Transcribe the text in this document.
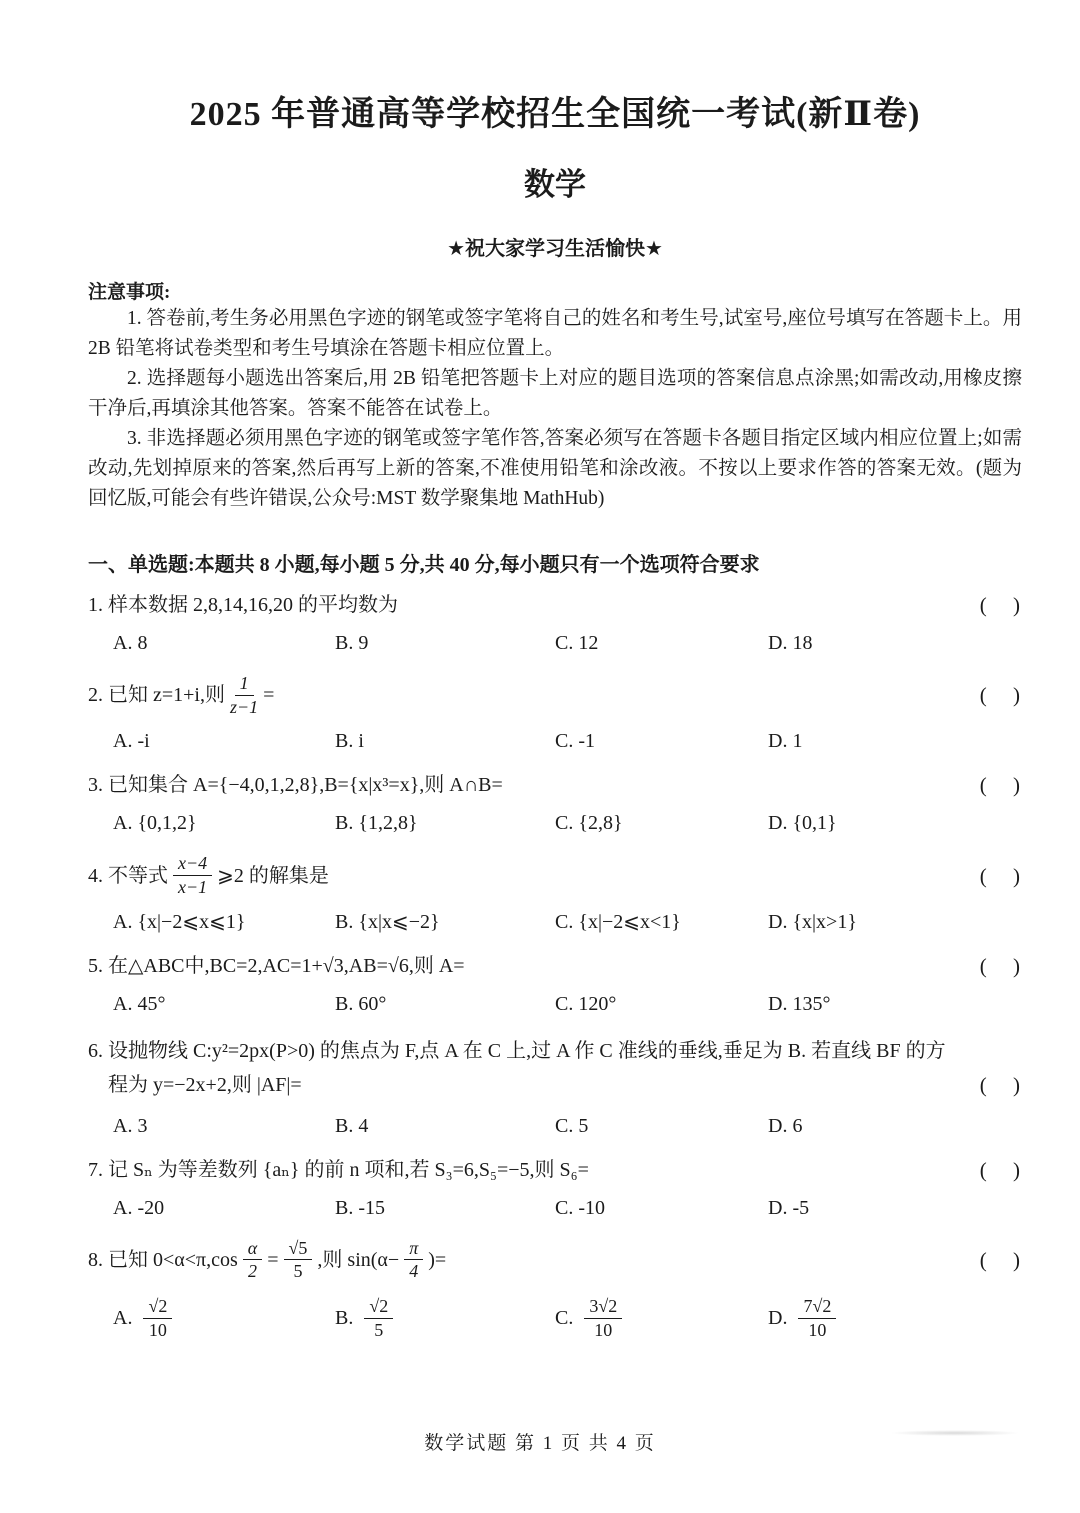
2025 年普通高等学校招生全国统一考试(新Ⅱ卷)
数学
★祝大家学习生活愉快★
注意事项:

1. 答卷前,考生务必用黑色字迹的钢笔或签字笔将自己的姓名和考生号,试室号,座位号填写在答题卡上。用 2B 铅笔将试卷类型和考生号填涂在答题卡相应位置上。

2. 选择题每小题选出答案后,用 2B 铅笔把答题卡上对应的题目选项的答案信息点涂黑;如需改动,用橡皮擦干净后,再填涂其他答案。答案不能答在试卷上。

3. 非选择题必须用黑色字迹的钢笔或签字笔作答,答案必须写在答题卡各题目指定区域内相应位置上;如需改动,先划掉原来的答案,然后再写上新的答案,不准使用铅笔和涂改液。不按以上要求作答的答案无效。(题为回忆版,可能会有些许错误,公众号:MST 数学聚集地 MathHub)

一、单选题:本题共 8 小题,每小题 5 分,共 40 分,每小题只有一个选项符合要求
1. 样本数据 2,8,14,16,20 的平均数为	(     )
A. 8	B. 9	C. 12	D. 18
2. 已知 z=1+i,则 $\frac{1}{z-1}$ =	(     )
A. -i	B. i	C. -1	D. 1
3. 已知集合 A={−4,0,1,2,8},B={x|x³=x},则 A∩B=	(     )
A. {0,1,2}	B. {1,2,8}	C. {2,8}	D. {0,1}
4. 不等式 $\frac{x-4}{x-1}$ ⩾2 的解集是	(     )
A. {x|−2⩽x⩽1}	B. {x|x⩽−2}	C. {x|−2⩽x<1}	D. {x|x>1}
5. 在△ABC中,BC=2,AC=1+√3,AB=√6,则 A=	(     )
A. 45°	B. 60°	C. 120°	D. 135°
6. 设抛物线 C:y²=2px(P>0) 的焦点为 F,点 A 在 C 上,过 A 作 C 准线的垂线,垂足为 B. 若直线 BF 的方
程为 y=−2x+2,则 |AF|=	(     )
A. 3	B. 4	C. 5	D. 6
7. 记 Sₙ 为等差数列 {aₙ} 的前 n 项和,若 S₃=6,S₅=−5,则 S₆=	(     )
A. -20	B. -15	C. -10	D. -5
8. 已知 $0<\alpha<\pi,\cos \frac{\alpha}{2} = \frac{√5}{5}$ ,则 $\sin(\alpha- \frac{\pi}{4}$ )=	(     )
A. $\frac{√2}{10}$	B. $\frac{√2}{5}$	C. $\frac{3√2}{10}$	D. $\frac{7√2}{10}$
数学试题 第 1 页 共 4 页
